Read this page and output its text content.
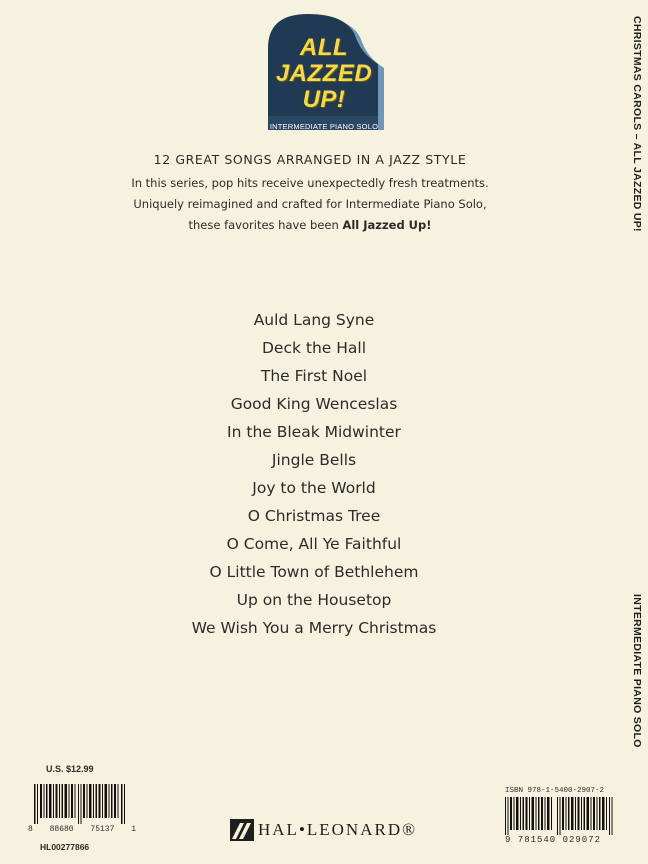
ALL
JAZZED
UP!
INTERMEDIATE PIANO SOLO
12 GREAT SONGS ARRANGED IN A JAZZ STYLE
In this series, pop hits receive unexpectedly fresh treatments.
Uniquely reimagined and crafted for Intermediate Piano Solo,
these favorites have been All Jazzed Up!
Auld Lang Syne
Deck the Hall
The First Noel
Good King Wenceslas
In the Bleak Midwinter
Jingle Bells
Joy to the World
O Christmas Tree
O Come, All Ye Faithful
O Little Town of Bethlehem
Up on the Housetop
We Wish You a Merry Christmas
CHRISTMAS CAROLS – ALL JAZZED UP!
INTERMEDIATE PIANO SOLO
U.S. $12.99
8 88680 75137 1
HL00277866
HAL•LEONARD®
ISBN 978-1-5400-2907-2
9 781540 029072
